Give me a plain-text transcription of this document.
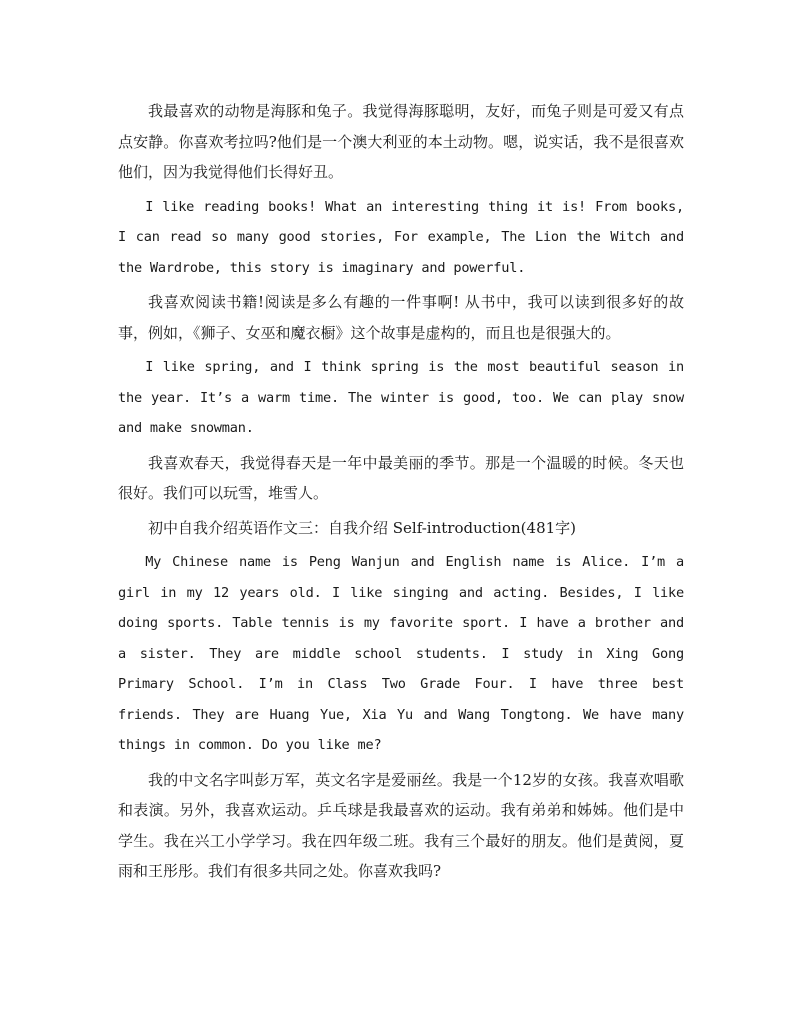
我最喜欢的动物是海豚和兔子。我觉得海豚聪明，友好，而兔子则是可爱又有点点安静。你喜欢考拉吗?他们是一个澳大利亚的本土动物。嗯，说实话，我不是很喜欢他们，因为我觉得他们长得好丑。

I like reading books! What an interesting thing it is! From books, I can read so many good stories, For example, The Lion the Witch and the Wardrobe, this story is imaginary and powerful.

我喜欢阅读书籍!阅读是多么有趣的一件事啊! 从书中，我可以读到很多好的故事，例如，《狮子、女巫和魔衣橱》这个故事是虚构的，而且也是很强大的。

I like spring, and I think spring is the most beautiful season in the year. It’s a warm time. The winter is good, too. We can play snow and make snowman.

我喜欢春天，我觉得春天是一年中最美丽的季节。那是一个温暖的时候。冬天也很好。我们可以玩雪，堆雪人。

初中自我介绍英语作文三：自我介绍 Self-introduction(481字)

My Chinese name is Peng Wanjun and English name is Alice. I’m a girl in my 12 years old. I like singing and acting. Besides, I like doing sports. Table tennis is my favorite sport. I have a brother and a sister. They are middle school students. I study in Xing Gong Primary School. I’m in Class Two Grade Four. I have three best friends. They are Huang Yue, Xia Yu and Wang Tongtong. We have many things in common. Do you like me?

我的中文名字叫彭万军，英文名字是爱丽丝。我是一个12岁的女孩。我喜欢唱歌和表演。另外，我喜欢运动。乒乓球是我最喜欢的运动。我有弟弟和姊姊。他们是中学生。我在兴工小学学习。我在四年级二班。我有三个最好的朋友。他们是黄阅，夏雨和王彤彤。我们有很多共同之处。你喜欢我吗?
